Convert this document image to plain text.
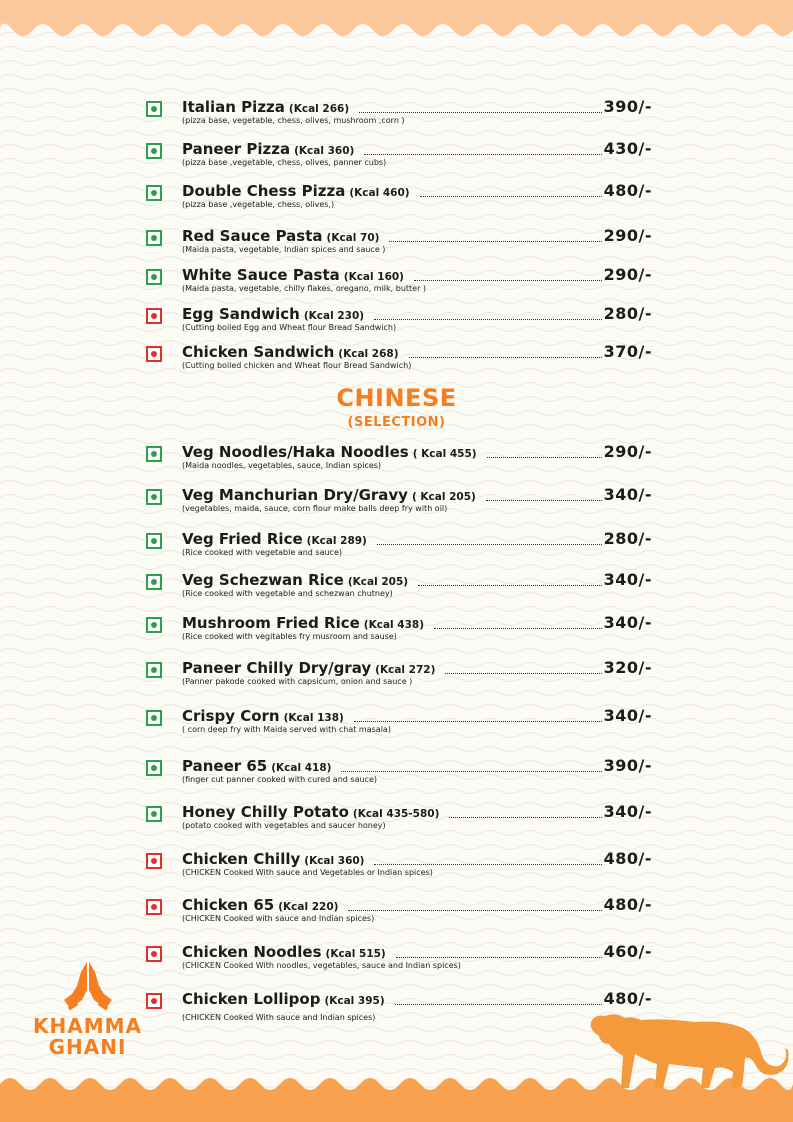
Italian Pizza (Kcal 266)	390/-
(pizza base, vegetable, chess, olives, mushroom ,corn )
Paneer Pizza (Kcal 360)	430/-
(pizza base ,vegetable, chess, olives, panner cubs)
Double Chess Pizza (Kcal 460)	480/-
(pizza base ,vegetable, chess, olives,)
Red Sauce Pasta (Kcal 70)	290/-
(Maida pasta, vegetable, Indian spices and sauce )
White Sauce Pasta (Kcal 160)	290/-
(Maida pasta, vegetable, chilly flakes, oregano, milk, butter )
Egg Sandwich (Kcal 230)	280/-
(Cutting boiled Egg and Wheat flour Bread Sandwich)
Chicken Sandwich (Kcal 268)	370/-
(Cutting boiled chicken and Wheat flour Bread Sandwich)
CHINESE
(SELECTION)
Veg Noodles/Haka Noodles ( Kcal 455)	290/-
(Maida noodles, vegetables, sauce, Indian spices)
Veg Manchurian Dry/Gravy ( Kcal 205)	340/-
(vegetables, maida, sauce, corn flour make balls deep fry with oil)
Veg Fried Rice (Kcal 289)	280/-
(Rice cooked with vegetable and sauce)
Veg Schezwan Rice (Kcal 205)	340/-
(Rice cooked with vegetable and schezwan chutney)
Mushroom Fried Rice (Kcal 438)	340/-
(Rice cooked with vegitables fry musroom and sause)
Paneer Chilly Dry/gray (Kcal 272)	320/-
(Panner pakode cooked with capsicum, onion and sauce )
Crispy Corn (Kcal 138)	340/-
( corn deep fry with Maida served with chat masala)
Paneer 65 (Kcal 418)	390/-
(finger cut panner cooked with cured and sauce)
Honey Chilly Potato (Kcal 435-580)	340/-
(potato cooked with vegetables and saucer honey)
Chicken Chilly (Kcal 360)	480/-
(CHICKEN Cooked With sauce and Vegetables or Indian spices)
Chicken 65 (Kcal 220)	480/-
(CHICKEN Cooked with sauce and Indian spices)
Chicken Noodles (Kcal 515)	460/-
(CHICKEN Cooked With noodles, vegetables, sauce and Indian spices)
Chicken Lollipop (Kcal 395)	480/-
(CHICKEN Cooked With sauce and Indian spices)
KHAMMA
GHANI
